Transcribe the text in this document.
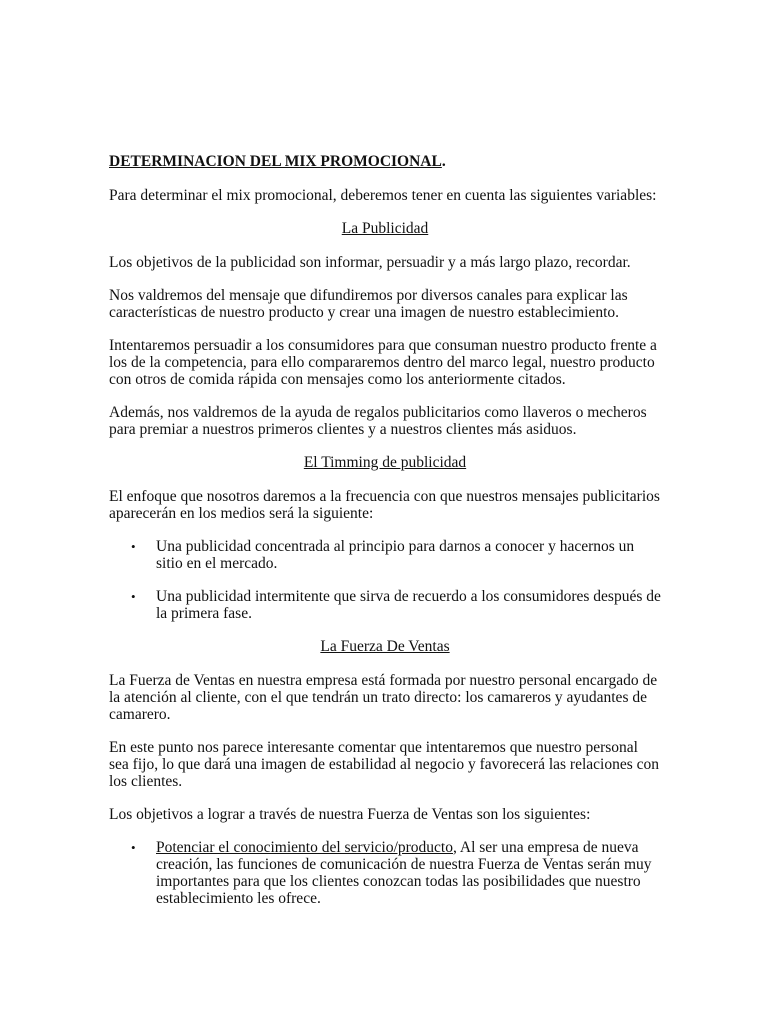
DETERMINACION DEL MIX PROMOCIONAL.

Para determinar el mix promocional, deberemos tener en cuenta las siguientes variables:

La Publicidad

Los objetivos de la publicidad son informar, persuadir y a más largo plazo, recordar.

Nos valdremos del mensaje que difundiremos por diversos canales para explicar las características de nuestro producto y crear una imagen de nuestro establecimiento.

Intentaremos persuadir a los consumidores para que consuman nuestro producto frente a los de la competencia, para ello compararemos dentro del marco legal, nuestro producto con otros de comida rápida con mensajes como los anteriormente citados.

Además, nos valdremos de la ayuda de regalos publicitarios como llaveros o mecheros para premiar a nuestros primeros clientes y a nuestros clientes más asiduos.

El Timming de publicidad

El enfoque que nosotros daremos a la frecuencia con que nuestros mensajes publicitarios aparecerán en los medios será la siguiente:

• Una publicidad concentrada al principio para darnos a conocer y hacernos un sitio en el mercado.
• Una publicidad intermitente que sirva de recuerdo a los consumidores después de la primera fase.

La Fuerza De Ventas

La Fuerza de Ventas en nuestra empresa está formada por nuestro personal encargado de la atención al cliente, con el que tendrán un trato directo: los camareros y ayudantes de camarero.

En este punto nos parece interesante comentar que intentaremos que nuestro personal sea fijo, lo que dará una imagen de estabilidad al negocio y favorecerá las relaciones con los clientes.

Los objetivos a lograr a través de nuestra Fuerza de Ventas son los siguientes:

• Potenciar el conocimiento del servicio/producto, Al ser una empresa de nueva creación, las funciones de comunicación de nuestra Fuerza de Ventas serán muy importantes para que los clientes conozcan todas las posibilidades que nuestro establecimiento les ofrece.
